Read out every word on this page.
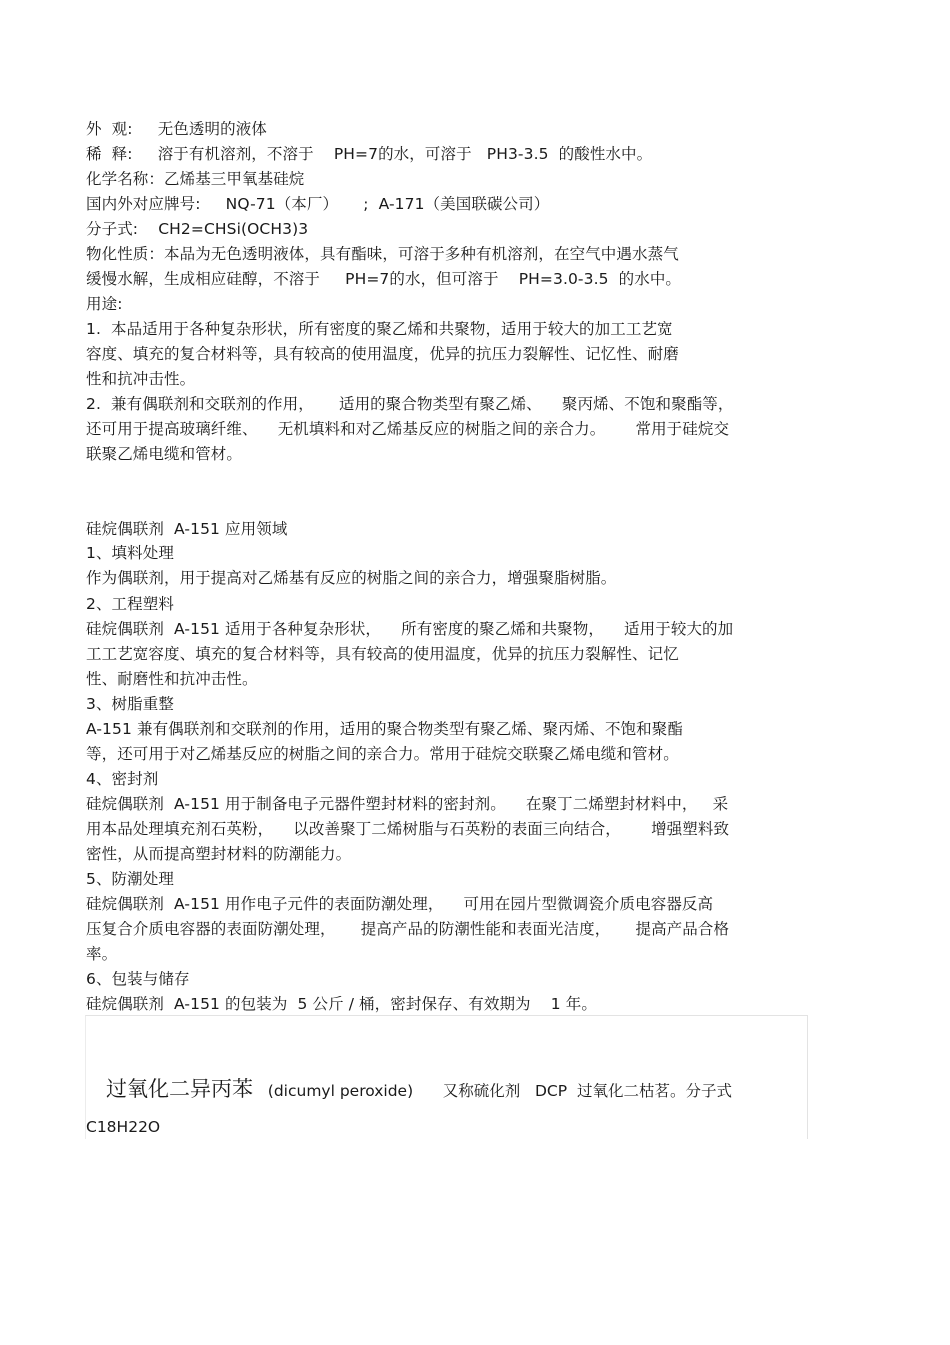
外  观:     无色透明的液体
稀  释:     溶于有机溶剂，不溶于    PH=7的水，可溶于   PH3-3.5  的酸性水中。
化学名称：乙烯基三甲氧基硅烷
国内外对应牌号:     NQ-71（本厂）     ;  A-171（美国联碳公司）
分子式:    CH2=CHSi(OCH3)3
物化性质：本品为无色透明液体，具有酯味，可溶于多种有机溶剂，在空气中遇水蒸气
缓慢水解，生成相应硅醇，不溶于     PH=7的水，但可溶于    PH=3.0-3.5  的水中。
用途:
1.  本品适用于各种复杂形状，所有密度的聚乙烯和共聚物，适用于较大的加工工艺宽
容度、填充的复合材料等，具有较高的使用温度，优异的抗压力裂解性、记忆性、耐磨
性和抗冲击性。
2.  兼有偶联剂和交联剂的作用，     适用的聚合物类型有聚乙烯、    聚丙烯、不饱和聚酯等，
还可用于提高玻璃纤维、    无机填料和对乙烯基反应的树脂之间的亲合力。      常用于硅烷交
联聚乙烯电缆和管材。
硅烷偶联剂  A-151 应用领域
1、填料处理
作为偶联剂，用于提高对乙烯基有反应的树脂之间的亲合力，增强聚脂树脂。
2、工程塑料
硅烷偶联剂  A-151 适用于各种复杂形状，    所有密度的聚乙烯和共聚物，    适用于较大的加
工工艺宽容度、填充的复合材料等，具有较高的使用温度，优异的抗压力裂解性、记忆
性、耐磨性和抗冲击性。
3、树脂重整
A-151 兼有偶联剂和交联剂的作用，适用的聚合物类型有聚乙烯、聚丙烯、不饱和聚酯
等，还可用于对乙烯基反应的树脂之间的亲合力。常用于硅烷交联聚乙烯电缆和管材。
4、密封剂
硅烷偶联剂  A-151 用于制备电子元器件塑封材料的密封剂。    在聚丁二烯塑封材料中，   采
用本品处理填充剂石英粉，    以改善聚丁二烯树脂与石英粉的表面三向结合，      增强塑料致
密性，从而提高塑封材料的防潮能力。
5、防潮处理
硅烷偶联剂  A-151 用作电子元件的表面防潮处理，    可用在园片型微调瓷介质电容器反高
压复合介质电容器的表面防潮处理，     提高产品的防潮性能和表面光洁度，     提高产品合格
率。
6、包装与储存
硅烷偶联剂  A-151 的包装为  5 公斤 / 桶，密封保存、有效期为    1 年。
过氧化二异丙苯   (dicumyl peroxide)      又称硫化剂   DCP  过氧化二枯茗。分子式
C18H22O
